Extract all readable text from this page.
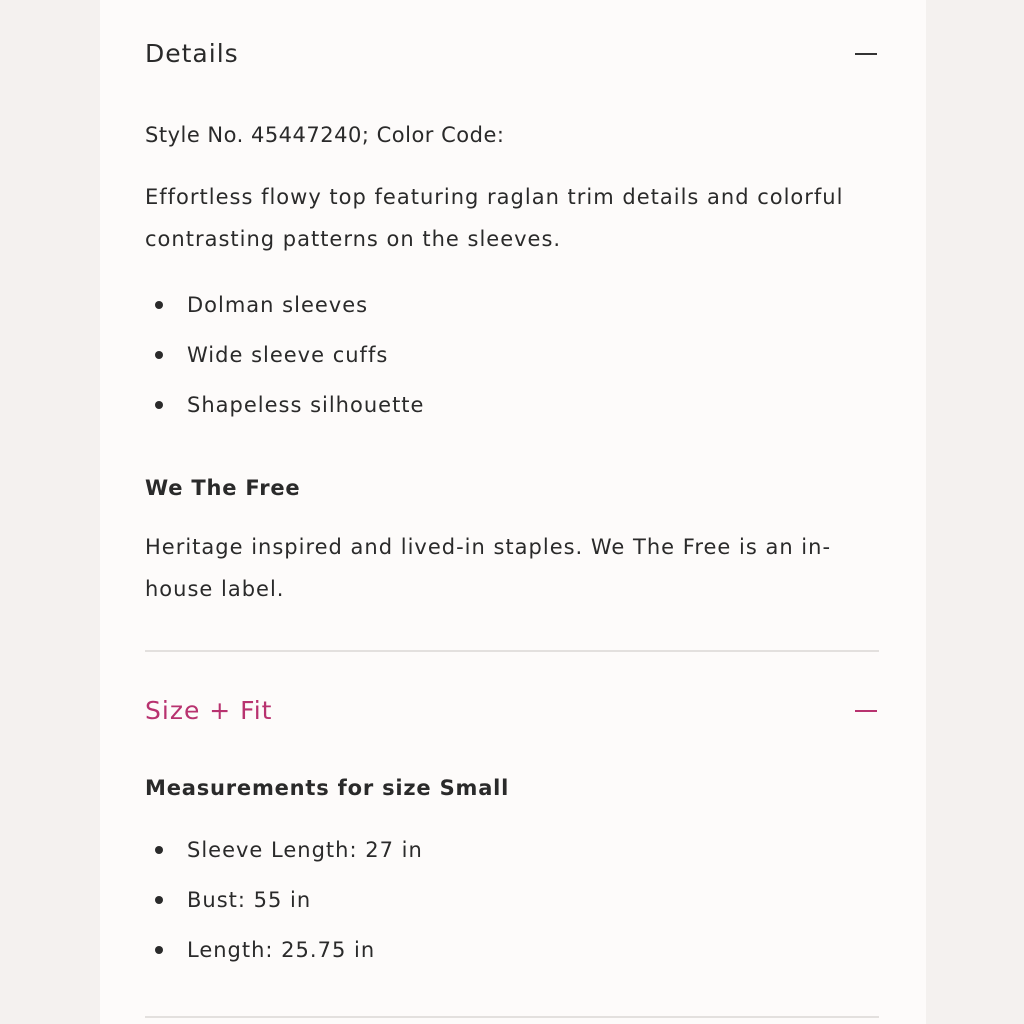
Details
Style No. 45447240; Color Code:

Effortless flowy top featuring raglan trim details and colorful contrasting patterns on the sleeves.

Dolman sleeves
Wide sleeve cuffs
Shapeless silhouette
We The Free

Heritage inspired and lived-in staples. We The Free is an in-house label.

Size + Fit
Measurements for size Small
Sleeve Length: 27 in
Bust: 55 in
Length: 25.75 in
